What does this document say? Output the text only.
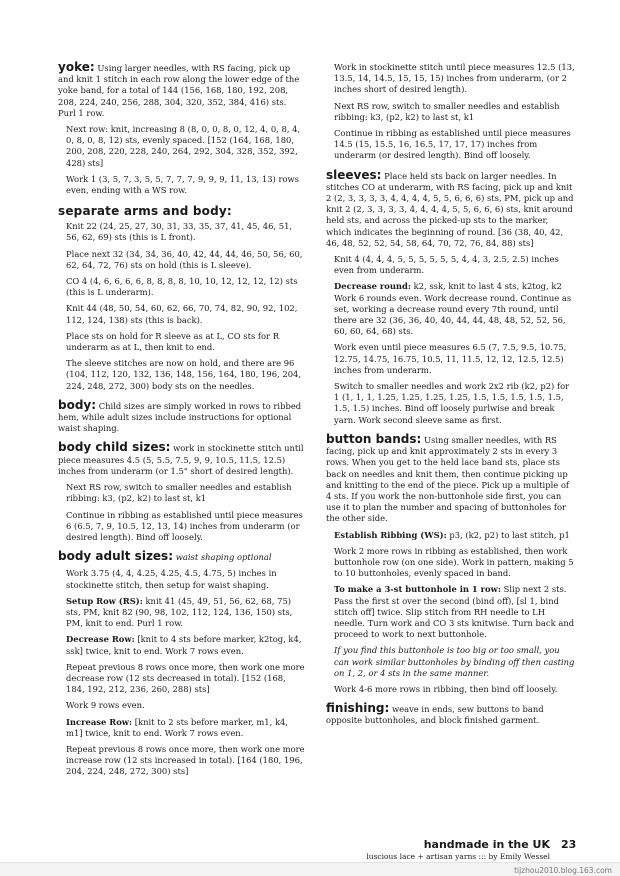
yoke: Using larger needles, with RS facing, pick up and knit 1 stitch in each row along the lower edge of the yoke band, for a total of 144 (156, 168, 180, 192, 208, 208, 224, 240, 256, 288, 304, 320, 352, 384, 416) sts. Purl 1 row.

Next row: knit, increasing 8 (8, 0, 0, 8, 0, 12, 4, 0, 8, 4, 0, 8, 0, 8, 12) sts, evenly spaced. [152 (164, 168, 180, 200, 208, 220, 228, 240, 264, 292, 304, 328, 352, 392, 428) sts]

Work 1 (3, 5, 7, 3, 5, 5, 7, 7, 7, 9, 9, 9, 11, 13, 13) rows even, ending with a WS row.

separate arms and body:

Knit 22 (24, 25, 27, 30, 31, 33, 35, 37, 41, 45, 46, 51, 56, 62, 69) sts (this is L front).

Place next 32 (34, 34, 36, 40, 42, 44, 44, 46, 50, 56, 60, 62, 64, 72, 76) sts on hold (this is L sleeve).

CO 4 (4, 6, 6, 6, 6, 8, 8, 8, 8, 10, 10, 12, 12, 12, 12) sts (this is L underarm).

Knit 44 (48, 50, 54, 60, 62, 66, 70, 74, 82, 90, 92, 102, 112, 124, 138) sts (this is back).

Place sts on hold for R sleeve as at L, CO sts for R underarm as at L, then knit to end.

The sleeve stitches are now on hold, and there are 96 (104, 112, 120, 132, 136, 148, 156, 164, 180, 196, 204, 224, 248, 272, 300) body sts on the needles.

body: Child sizes are simply worked in rows to ribbed hem, while adult sizes include instructions for optional waist shaping.

body child sizes: work in stockinette stitch until piece measures 4.5 (5, 5.5, 7.5, 9, 9, 10.5, 11.5, 12.5) inches from underarm (or 1.5" short of desired length).

Next RS row, switch to smaller needles and establish ribbing: k3, (p2, k2) to last st, k1

Continue in ribbing as established until piece measures 6 (6.5, 7, 9, 10.5, 12, 13, 14) inches from underarm (or desired length). Bind off loosely.

body adult sizes: waist shaping optional

Work 3.75 (4, 4, 4.25, 4.25, 4.5, 4.75, 5) inches in stockinette stitch, then setup for waist shaping.

Setup Row (RS): knit 41 (45, 49, 51, 56, 62, 68, 75) sts, PM, knit 82 (90, 98, 102, 112, 124, 136, 150) sts, PM, knit to end. Purl 1 row.

Decrease Row: [knit to 4 sts before marker, k2tog, k4, ssk] twice, knit to end. Work 7 rows even.

Repeat previous 8 rows once more, then work one more decrease row (12 sts decreased in total). [152 (168, 184, 192, 212, 236, 260, 288) sts]

Work 9 rows even.

Increase Row: [knit to 2 sts before marker, m1, k4, m1] twice, knit to end. Work 7 rows even.

Repeat previous 8 rows once more, then work one more increase row (12 sts increased in total). [164 (180, 196, 204, 224, 248, 272, 300) sts]

Work in stockinette stitch until piece measures 12.5 (13, 13.5, 14, 14.5, 15, 15, 15) inches from underarm, (or 2 inches short of desired length).

Next RS row, switch to smaller needles and establish ribbing: k3, (p2, k2) to last st, k1

Continue in ribbing as established until piece measures 14.5 (15, 15.5, 16, 16.5, 17, 17, 17) inches from underarm (or desired length). Bind off loosely.

sleeves: Place held sts back on larger needles. In stitches CO at underarm, with RS facing, pick up and knit 2 (2, 3, 3, 3, 3, 4, 4, 4, 4, 5, 5, 6, 6, 6) sts, PM, pick up and knit 2 (2, 3, 3, 3, 3, 4, 4, 4, 4, 5, 5, 6, 6, 6) sts, knit around held sts, and across the picked-up sts to the marker, which indicates the beginning of round. [36 (38, 40, 42, 46, 48, 52, 52, 54, 58, 64, 70, 72, 76, 84, 88) sts]

Knit 4 (4, 4, 4, 5, 5, 5, 5, 5, 5, 4, 4, 3, 2.5, 2.5) inches even from underarm.

Decrease round: k2, ssk, knit to last 4 sts, k2tog, k2 Work 6 rounds even. Work decrease round. Continue as set, working a decrease round every 7th round, until there are 32 (36, 36, 40, 40, 44, 44, 48, 48, 52, 52, 56, 60, 60, 64, 68) sts.

Work even until piece measures 6.5 (7, 7.5, 9.5, 10.75, 12.75, 14.75, 16.75, 10.5, 11, 11.5, 12, 12, 12.5, 12.5) inches from underarm.

Switch to smaller needles and work 2x2 rib (k2, p2) for 1 (1, 1, 1, 1.25, 1.25, 1.25, 1.25, 1.5, 1.5, 1.5, 1.5, 1.5, 1.5, 1.5) inches. Bind off loosely purlwise and break yarn. Work second sleeve same as first.

button bands: Using smaller needles, with RS facing, pick up and knit approximately 2 sts in every 3 rows. When you get to the held lace band sts, place sts back on needles and knit them, then continue picking up and knitting to the end of the piece. Pick up a multiple of 4 sts. If you work the non-buttonhole side first, you can use it to plan the number and spacing of buttonholes for the other side.

Establish Ribbing (WS): p3, (k2, p2) to last stitch, p1

Work 2 more rows in ribbing as established, then work buttonhole row (on one side). Work in pattern, making 5 to 10 buttonholes, evenly spaced in band.

To make a 3-st buttonhole in 1 row: Slip next 2 sts. Pass the first st over the second (bind off), [sl 1, bind stitch off] twice. Slip stitch from RH needle to LH needle. Turn work and CO 3 sts knitwise. Turn back and proceed to work to next buttonhole.

If you find this buttonhole is too big or too small, you can work similar buttonholes by binding off then casting on 1, 2, or 4 sts in the same manner.

Work 4-6 more rows in ribbing, then bind off loosely.

finishing: weave in ends, sew buttons to band opposite buttonholes, and block finished garment.

handmade in the UK
luscious lace + artisan yarns ::: by Emily Wessel
23
tijzhou2010.blog.163.com
